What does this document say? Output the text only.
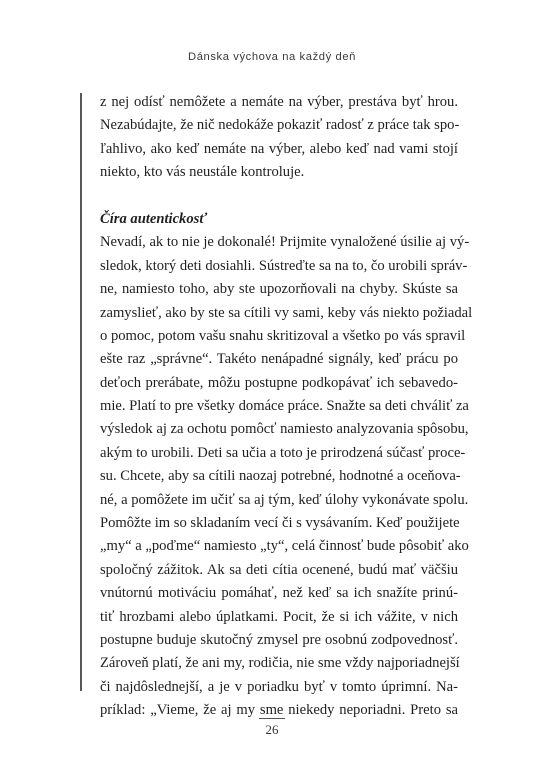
Dánska výchova na každý deň
z nej odísť nemôžete a nemáte na výber, prestáva byť hrou.
Nezabúdajte, že nič nedokáže pokaziť radosť z práce tak spo-
ľahlivo, ako keď nemáte na výber, alebo keď nad vami stojí
niekto, kto vás neustále kontroluje.
Číra autentickosť
Nevadí, ak to nie je dokonalé! Prijmite vynaložené úsilie aj vý-
sledok, ktorý deti dosiahli. Sústreďte sa na to, čo urobili správ-
ne, namiesto toho, aby ste upozorňovali na chyby. Skúste sa
zamyslieť, ako by ste sa cítili vy sami, keby vás niekto požiadal
o pomoc, potom vašu snahu skritizoval a všetko po vás spravil
ešte raz „správne“. Takéto nenápadné signály, keď prácu po
deťoch prerábate, môžu postupne podkopávať ich sebavedo-
mie. Platí to pre všetky domáce práce. Snažte sa deti chváliť za
výsledok aj za ochotu pomôcť namiesto analyzovania spôsobu,
akým to urobili. Deti sa učia a toto je prirodzená súčasť proce-
su. Chcete, aby sa cítili naozaj potrebné, hodnotné a oceňova-
né, a pomôžete im učiť sa aj tým, keď úlohy vykonávate spolu.
Pomôžte im so skladaním vecí či s vysávaním. Keď použijete
„my“ a „poďme“ namiesto „ty“, celá činnosť bude pôsobiť ako
spoločný zážitok. Ak sa deti cítia ocenené, budú mať väčšiu
vnútornú motiváciu pomáhať, než keď sa ich snažíte prinú-
tiť hrozbami alebo úplatkami. Pocit, že si ich vážite, v nich
postupne buduje skutočný zmysel pre osobnú zodpovednosť.
Zároveň platí, že ani my, rodičia, nie sme vždy najporiadnejší
či najdôslednejší, a je v poriadku byť v tomto úprimní. Na-
príklad: „Vieme, že aj my sme niekedy neporiadni. Preto sa
26
